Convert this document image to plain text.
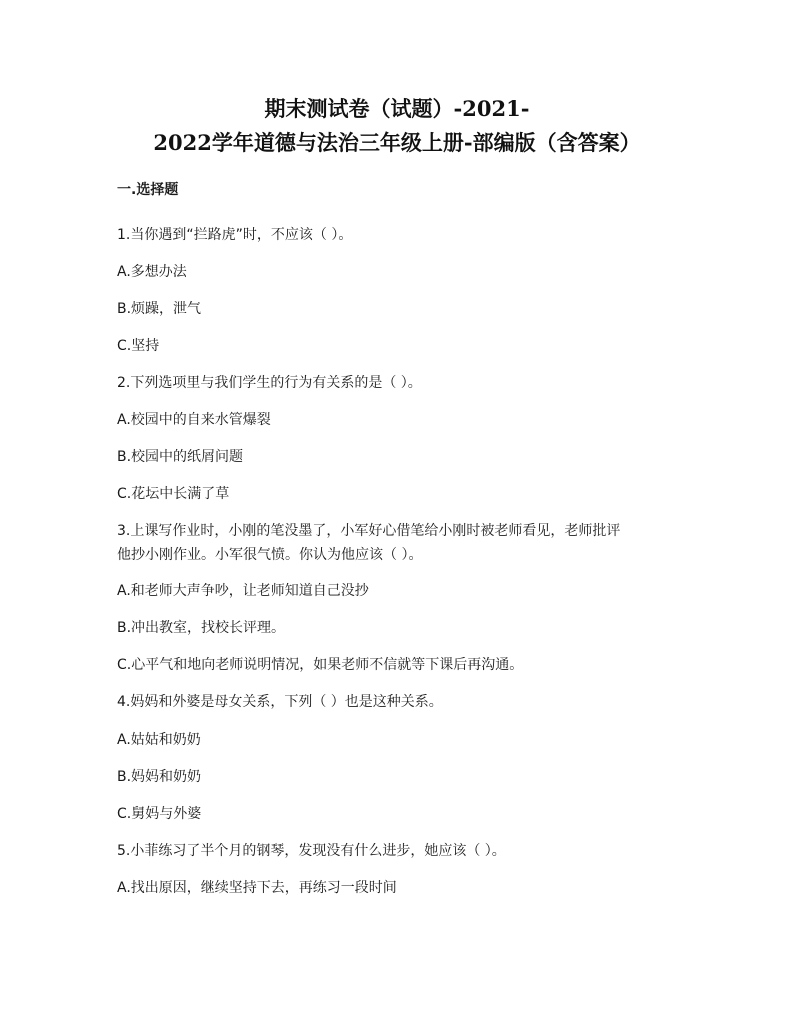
期末测试卷（试题）-2021-
2022学年道德与法治三年级上册-部编版（含答案）
一.选择题
1.当你遇到“拦路虎”时，不应该（ ）。
A.多想办法
B.烦躁，泄气
C.坚持
2.下列选项里与我们学生的行为有关系的是（ ）。
A.校园中的自来水管爆裂
B.校园中的纸屑问题
C.花坛中长满了草
3.上课写作业时，小刚的笔没墨了，小军好心借笔给小刚时被老师看见，老师批评
他抄小刚作业。小军很气愤。你认为他应该（ ）。
A.和老师大声争吵，让老师知道自己没抄
B.冲出教室，找校长评理。
C.心平气和地向老师说明情况，如果老师不信就等下课后再沟通。
4.妈妈和外婆是母女关系，下列（ ）也是这种关系。
A.姑姑和奶奶
B.妈妈和奶奶
C.舅妈与外婆
5.小菲练习了半个月的钢琴，发现没有什么进步，她应该（ ）。
A.找出原因，继续坚持下去，再练习一段时间
